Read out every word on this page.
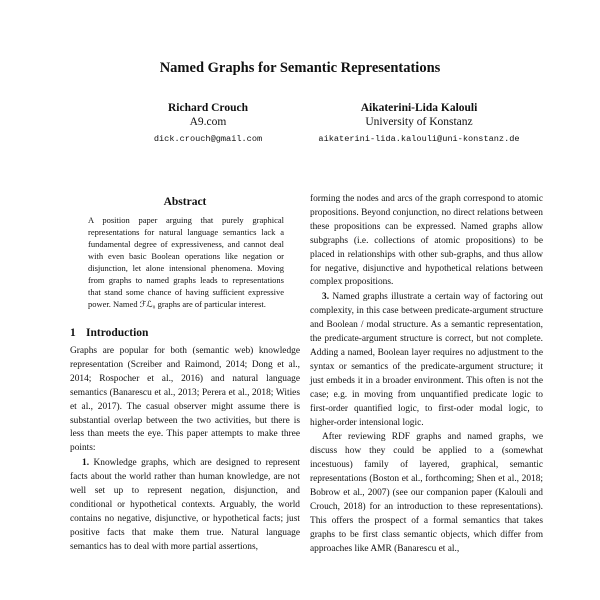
Named Graphs for Semantic Representations
Richard Crouch
A9.com
dick.crouch@gmail.com
Aikaterini-Lida Kalouli
University of Konstanz
aikaterini-lida.kalouli@uni-konstanz.de
Abstract

A position paper arguing that purely graphical representations for natural language semantics lack a fundamental degree of expressiveness, and cannot deal with even basic Boolean operations like negation or disjunction, let alone intensional phenomena. Moving from graphs to named graphs leads to representations that stand some chance of having sufficient expressive power. Named ℱℒ₀ graphs are of particular interest.

1 Introduction

Graphs are popular for both (semantic web) knowledge representation (Screiber and Raimond, 2014; Dong et al., 2014; Rospocher et al., 2016) and natural language semantics (Banarescu et al., 2013; Perera et al., 2018; Wities et al., 2017). The casual observer might assume there is substantial overlap between the two activities, but there is less than meets the eye. This paper attempts to make three points:

1. Knowledge graphs, which are designed to represent facts about the world rather than human knowledge, are not well set up to represent negation, disjunction, and conditional or hypothetical contexts. Arguably, the world contains no negative, disjunctive, or hypothetical facts; just positive facts that make them true. Natural language semantics has to deal with more partial assertions,

forming the nodes and arcs of the graph correspond to atomic propositions. Beyond conjunction, no direct relations between these propositions can be expressed. Named graphs allow subgraphs (i.e. collections of atomic propositions) to be placed in relationships with other sub-graphs, and thus allow for negative, disjunctive and hypothetical relations between complex propositions.

3. Named graphs illustrate a certain way of factoring out complexity, in this case between predicate-argument structure and Boolean / modal structure. As a semantic representation, the predicate-argument structure is correct, but not complete. Adding a named, Boolean layer requires no adjustment to the syntax or semantics of the predicate-argument structure; it just embeds it in a broader environment. This often is not the case; e.g. in moving from unquantified predicate logic to first-order quantified logic, to first-oder modal logic, to higher-order intensional logic.

After reviewing RDF graphs and named graphs, we discuss how they could be applied to a (somewhat incestuous) family of layered, graphical, semantic representations (Boston et al., forthcoming; Shen et al., 2018; Bobrow et al., 2007) (see our companion paper (Kalouli and Crouch, 2018) for an introduction to these representations). This offers the prospect of a formal semantics that takes graphs to be first class semantic objects, which differ from approaches like AMR (Banarescu et al.,
